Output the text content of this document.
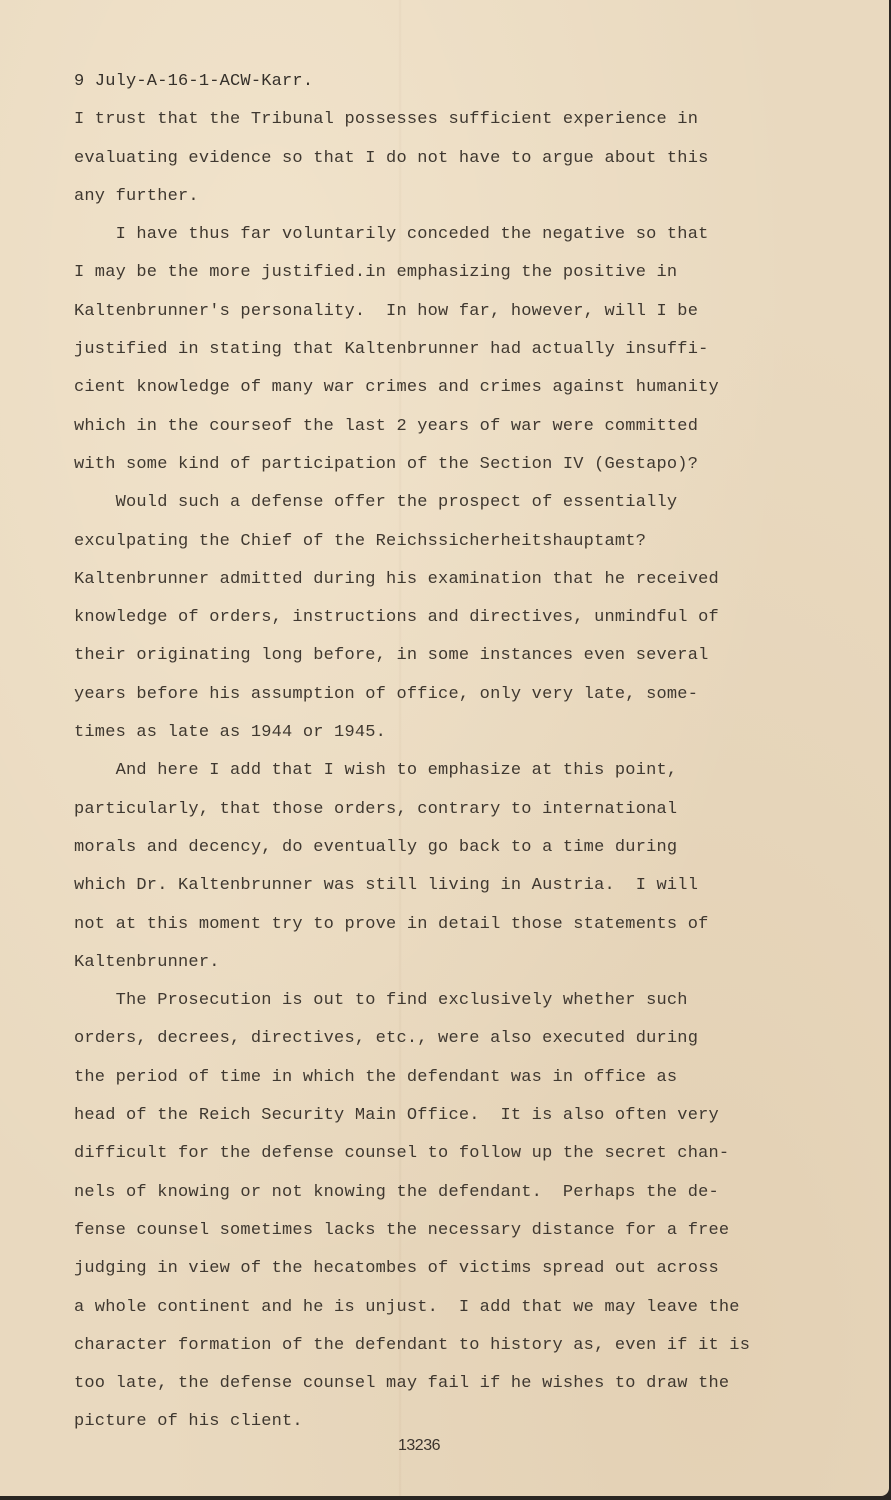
9 July-A-16-1-ACW-Karr.
I trust that the Tribunal possesses sufficient experience in
evaluating evidence so that I do not have to argue about this
any further.
I have thus far voluntarily conceded the negative so that
I may be the more justified.in emphasizing the positive in
Kaltenbrunner's personality.  In how far, however, will I be
justified in stating that Kaltenbrunner had actually insuffi-
cient knowledge of many war crimes and crimes against humanity
which in the courseof the last 2 years of war were committed
with some kind of participation of the Section IV (Gestapo)?
Would such a defense offer the prospect of essentially
exculpating the Chief of the Reichssicherheitshauptamt?
Kaltenbrunner admitted during his examination that he received
knowledge of orders, instructions and directives, unmindful of
their originating long before, in some instances even several
years before his assumption of office, only very late, some-
times as late as 1944 or 1945.
And here I add that I wish to emphasize at this point,
particularly, that those orders, contrary to international
morals and decency, do eventually go back to a time during
which Dr. Kaltenbrunner was still living in Austria.  I will
not at this moment try to prove in detail those statements of
Kaltenbrunner.
The Prosecution is out to find exclusively whether such
orders, decrees, directives, etc., were also executed during
the period of time in which the defendant was in office as
head of the Reich Security Main Office.  It is also often very
difficult for the defense counsel to follow up the secret chan-
nels of knowing or not knowing the defendant.  Perhaps the de-
fense counsel sometimes lacks the necessary distance for a free
judging in view of the hecatombes of victims spread out across
a whole continent and he is unjust.  I add that we may leave the
character formation of the defendant to history as, even if it is
too late, the defense counsel may fail if he wishes to draw the
picture of his client.
13236
